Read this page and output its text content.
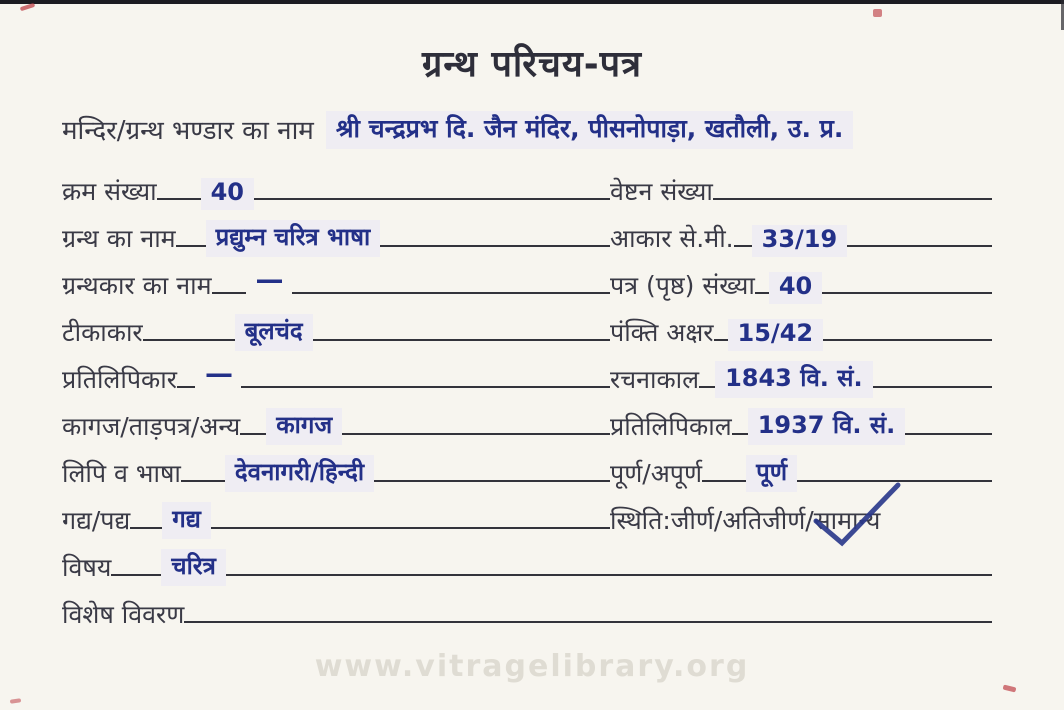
ग्रन्थ परिचय-पत्र
मन्दिर/ग्रन्थ भण्डार का नाम श्री चन्द्रप्रभ दि. जैन मंदिर, पीसनोपाड़ा, खतौली, उ. प्र.
क्रम संख्या	40
ग्रन्थ का नाम	प्रद्युम्न चरित्र भाषा
ग्रन्थकार का नाम	—
टीकाकार	बूलचंद
प्रतिलिपिकार	—
कागज/ताड़पत्र/अन्य	कागज
लिपि व भाषा	देवनागरी/हिन्दी
गद्य/पद्य	गद्य
वेष्टन संख्या
आकार से.मी.	33/19
पत्र (पृष्ठ) संख्या	40
पंक्ति अक्षर	15/42
रचनाकाल	1843 वि. सं.
प्रतिलिपिकाल	1937 वि. सं.
पूर्ण/अपूर्ण	पूर्ण
स्थिति:जीर्ण/अतिजीर्ण/ सामान्य
विषय	चरित्र
विशेष विवरण
www.vitragelibrary.org
